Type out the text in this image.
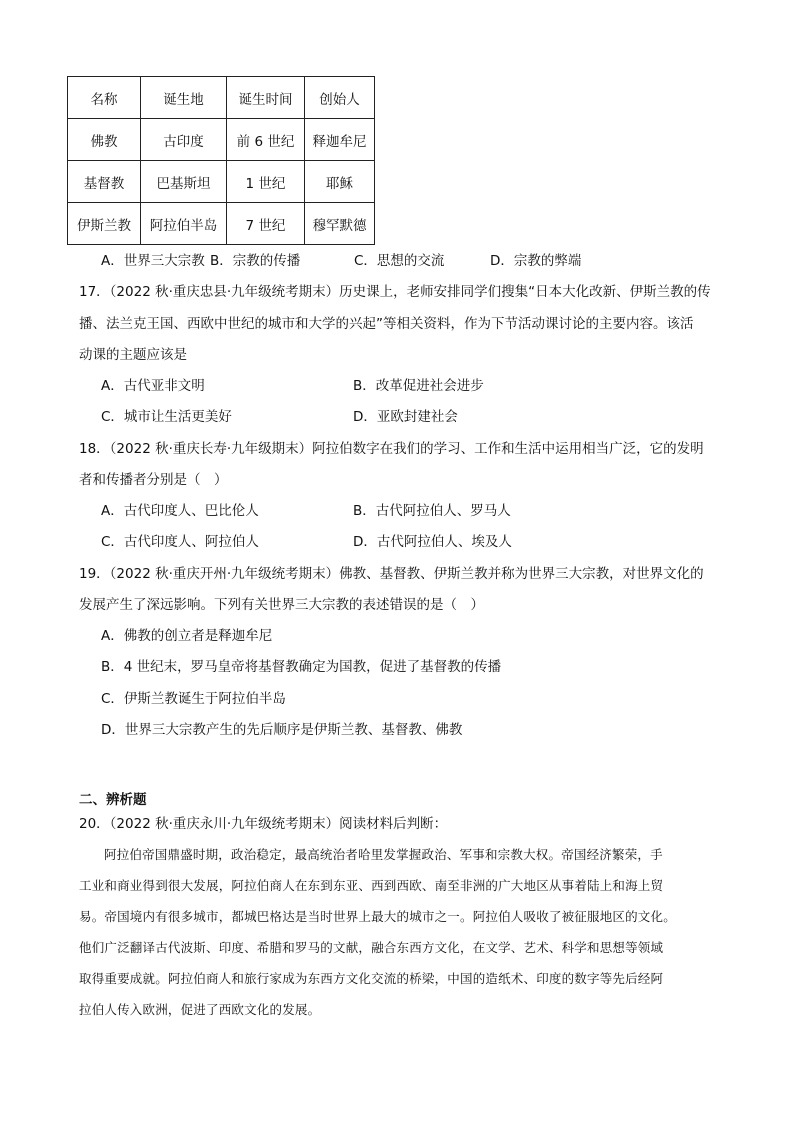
名称	诞生地	诞生时间	创始人
佛教	古印度	前 6 世纪	释迦牟尼
基督教	巴基斯坦	1 世纪	耶稣
伊斯兰教	阿拉伯半岛	7 世纪	穆罕默德
A．世界三大宗教 B．宗教的传播	C．思想的交流	D．宗教的弊端
17．（2022 秋·重庆忠县·九年级统考期末）历史课上，老师安排同学们搜集“日本大化改新、伊斯兰教的传
播、法兰克王国、西欧中世纪的城市和大学的兴起”等相关资料，作为下节活动课讨论的主要内容。该活
动课的主题应该是
A．古代亚非文明	B．改革促进社会进步
C．城市让生活更美好	D．亚欧封建社会
18．（2022 秋·重庆长寿·九年级期末）阿拉伯数字在我们的学习、工作和生活中运用相当广泛，它的发明
者和传播者分别是（　）
A．古代印度人、巴比伦人	B．古代阿拉伯人、罗马人
C．古代印度人、阿拉伯人	D．古代阿拉伯人、埃及人
19．（2022 秋·重庆开州·九年级统考期末）佛教、基督教、伊斯兰教并称为世界三大宗教，对世界文化的
发展产生了深远影响。下列有关世界三大宗教的表述错误的是（　）
A．佛教的创立者是释迦牟尼
B．4 世纪末，罗马皇帝将基督教确定为国教，促进了基督教的传播
C．伊斯兰教诞生于阿拉伯半岛
D．世界三大宗教产生的先后顺序是伊斯兰教、基督教、佛教
二、辨析题
20．（2022 秋·重庆永川·九年级统考期末）阅读材料后判断：
阿拉伯帝国鼎盛时期，政治稳定，最高统治者哈里发掌握政治、军事和宗教大权。帝国经济繁荣，手
工业和商业得到很大发展，阿拉伯商人在东到东亚、西到西欧、南至非洲的广大地区从事着陆上和海上贸
易。帝国境内有很多城市，都城巴格达是当时世界上最大的城市之一。阿拉伯人吸收了被征服地区的文化。
他们广泛翻译古代波斯、印度、希腊和罗马的文献，融合东西方文化，在文学、艺术、科学和思想等领域
取得重要成就。阿拉伯商人和旅行家成为东西方文化交流的桥梁，中国的造纸术、印度的数字等先后经阿
拉伯人传入欧洲，促进了西欧文化的发展。
